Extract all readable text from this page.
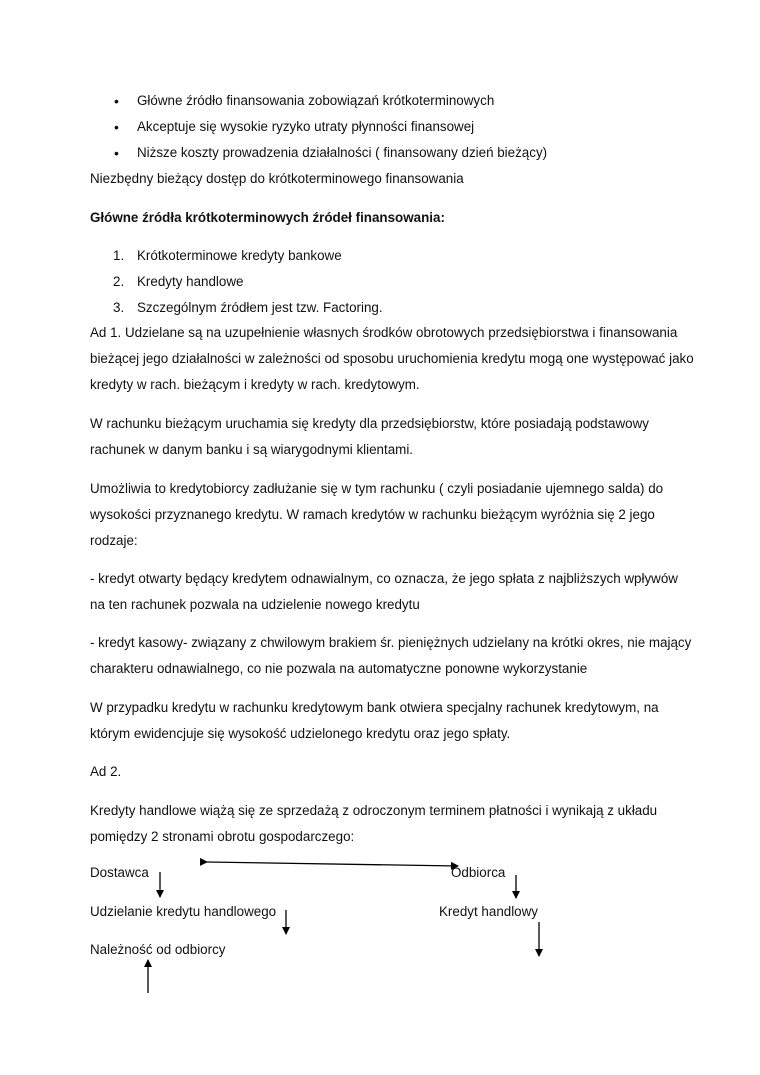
• Główne źródło finansowania zobowiązań krótkoterminowych
• Akceptuje się wysokie ryzyko utraty płynności finansowej
• Niższe koszty prowadzenia działalności ( finansowany dzień bieżący)
Niezbędny bieżący dostęp do krótkoterminowego finansowania
Główne źródła krótkoterminowych źródeł finansowania:
1. Krótkoterminowe kredyty bankowe
2. Kredyty handlowe
3. Szczególnym źródłem jest tzw. Factoring.
Ad 1. Udzielane są na uzupełnienie własnych środków obrotowych przedsiębiorstwa i finansowania
bieżącej jego działalności w zależności od sposobu uruchomienia kredytu mogą one występować jako
kredyty w rach. bieżącym i kredyty w rach. kredytowym.
W rachunku bieżącym uruchamia się kredyty dla przedsiębiorstw, które posiadają podstawowy
rachunek w danym banku i są wiarygodnymi klientami.
Umożliwia to kredytobiorcy zadłużanie się w tym rachunku ( czyli posiadanie ujemnego salda) do
wysokości przyznanego kredytu. W ramach kredytów w rachunku bieżącym wyróżnia się 2 jego
rodzaje:
- kredyt otwarty będący kredytem odnawialnym, co oznacza, że jego spłata z najbliższych wpływów
na ten rachunek pozwala na udzielenie nowego kredytu
- kredyt kasowy- związany z chwilowym brakiem śr. pieniężnych udzielany na krótki okres, nie mający
charakteru odnawialnego, co nie pozwala na automatyczne ponowne wykorzystanie
W przypadku kredytu w rachunku kredytowym bank otwiera specjalny rachunek kredytowym, na
którym ewidencjuje się wysokość udzielonego kredytu oraz jego spłaty.
Ad 2.
Kredyty handlowe wiążą się ze sprzedażą z odroczonym terminem płatności i wynikają z układu
pomiędzy 2 stronami obrotu gospodarczego:
Dostawca	Odbiorca
Udzielanie kredytu handlowego	Kredyt handlowy
Należność od odbiorcy
